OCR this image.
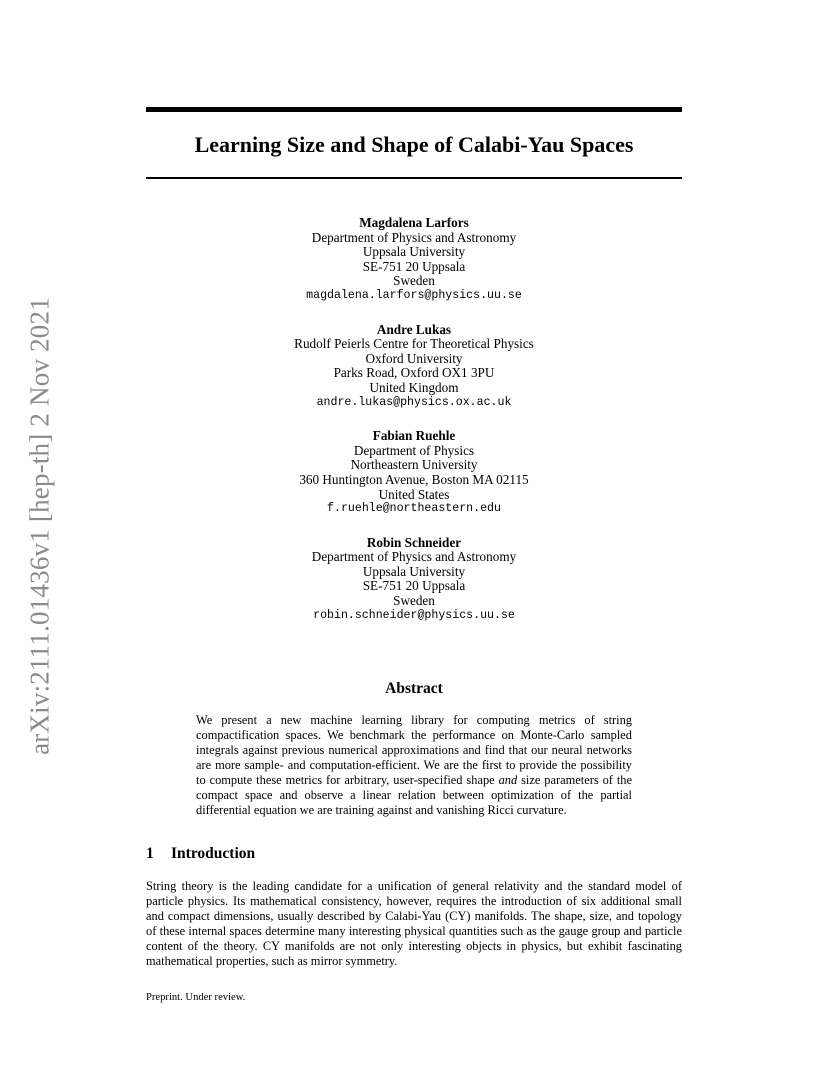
arXiv:2111.01436v1 [hep-th] 2 Nov 2021
Learning Size and Shape of Calabi-Yau Spaces
Magdalena Larfors
Department of Physics and Astronomy
Uppsala University
SE-751 20 Uppsala
Sweden
magdalena.larfors@physics.uu.se
Andre Lukas
Rudolf Peierls Centre for Theoretical Physics
Oxford University
Parks Road, Oxford OX1 3PU
United Kingdom
andre.lukas@physics.ox.ac.uk
Fabian Ruehle
Department of Physics
Northeastern University
360 Huntington Avenue, Boston MA 02115
United States
f.ruehle@northeastern.edu
Robin Schneider
Department of Physics and Astronomy
Uppsala University
SE-751 20 Uppsala
Sweden
robin.schneider@physics.uu.se
Abstract
We present a new machine learning library for computing metrics of string compactification spaces. We benchmark the performance on Monte-Carlo sampled integrals against previous numerical approximations and find that our neural networks are more sample- and computation-efficient. We are the first to provide the possibility to compute these metrics for arbitrary, user-specified shape and size parameters of the compact space and observe a linear relation between optimization of the partial differential equation we are training against and vanishing Ricci curvature.
1 Introduction
String theory is the leading candidate for a unification of general relativity and the standard model of particle physics. Its mathematical consistency, however, requires the introduction of six additional small and compact dimensions, usually described by Calabi-Yau (CY) manifolds. The shape, size, and topology of these internal spaces determine many interesting physical quantities such as the gauge group and particle content of the theory. CY manifolds are not only interesting objects in physics, but exhibit fascinating mathematical properties, such as mirror symmetry.
Preprint. Under review.
